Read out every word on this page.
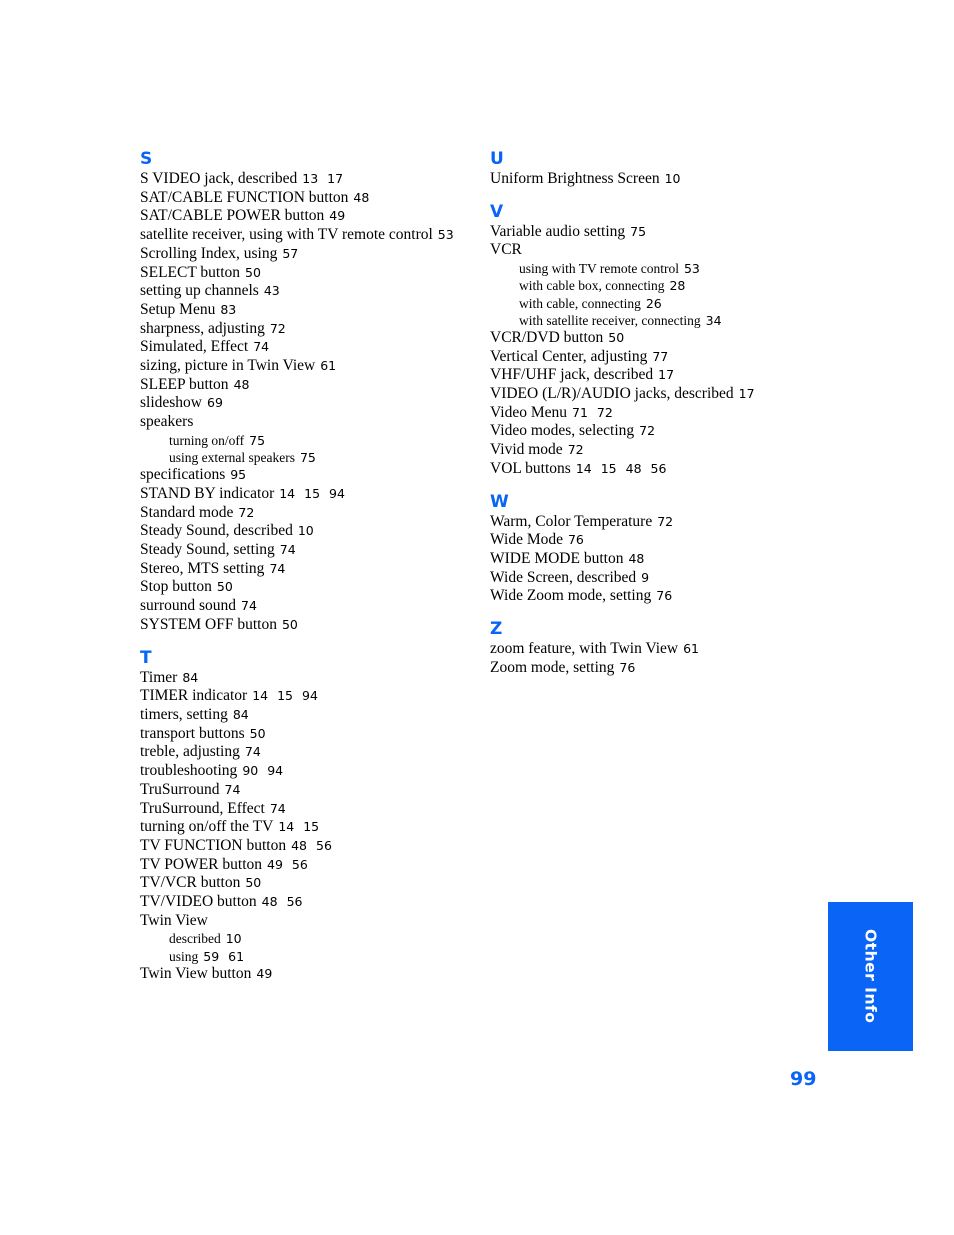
S
S VIDEO jack, described 13 17
SAT/CABLE FUNCTION button 48
SAT/CABLE POWER button 49
satellite receiver, using with TV remote control 53
Scrolling Index, using 57
SELECT button 50
setting up channels 43
Setup Menu 83
sharpness, adjusting 72
Simulated, Effect 74
sizing, picture in Twin View 61
SLEEP button 48
slideshow 69
speakers
turning on/off 75
using external speakers 75
specifications 95
STAND BY indicator 14 15 94
Standard mode 72
Steady Sound, described 10
Steady Sound, setting 74
Stereo, MTS setting 74
Stop button 50
surround sound 74
SYSTEM OFF button 50
T
Timer 84
TIMER indicator 14 15 94
timers, setting 84
transport buttons 50
treble, adjusting 74
troubleshooting 90 94
TruSurround 74
TruSurround, Effect 74
turning on/off the TV 14 15
TV FUNCTION button 48 56
TV POWER button 49 56
TV/VCR button 50
TV/VIDEO button 48 56
Twin View
described 10
using 59 61
Twin View button 49
U
Uniform Brightness Screen 10
V
Variable audio setting 75
VCR
using with TV remote control 53
with cable box, connecting 28
with cable, connecting 26
with satellite receiver, connecting 34
VCR/DVD button 50
Vertical Center, adjusting 77
VHF/UHF jack, described 17
VIDEO (L/R)/AUDIO jacks, described 17
Video Menu 71 72
Video modes, selecting 72
Vivid mode 72
VOL buttons 14 15 48 56
W
Warm, Color Temperature 72
Wide Mode 76
WIDE MODE button 48
Wide Screen, described 9
Wide Zoom mode, setting 76
Z
zoom feature, with Twin View 61
Zoom mode, setting 76
Other Info
99
